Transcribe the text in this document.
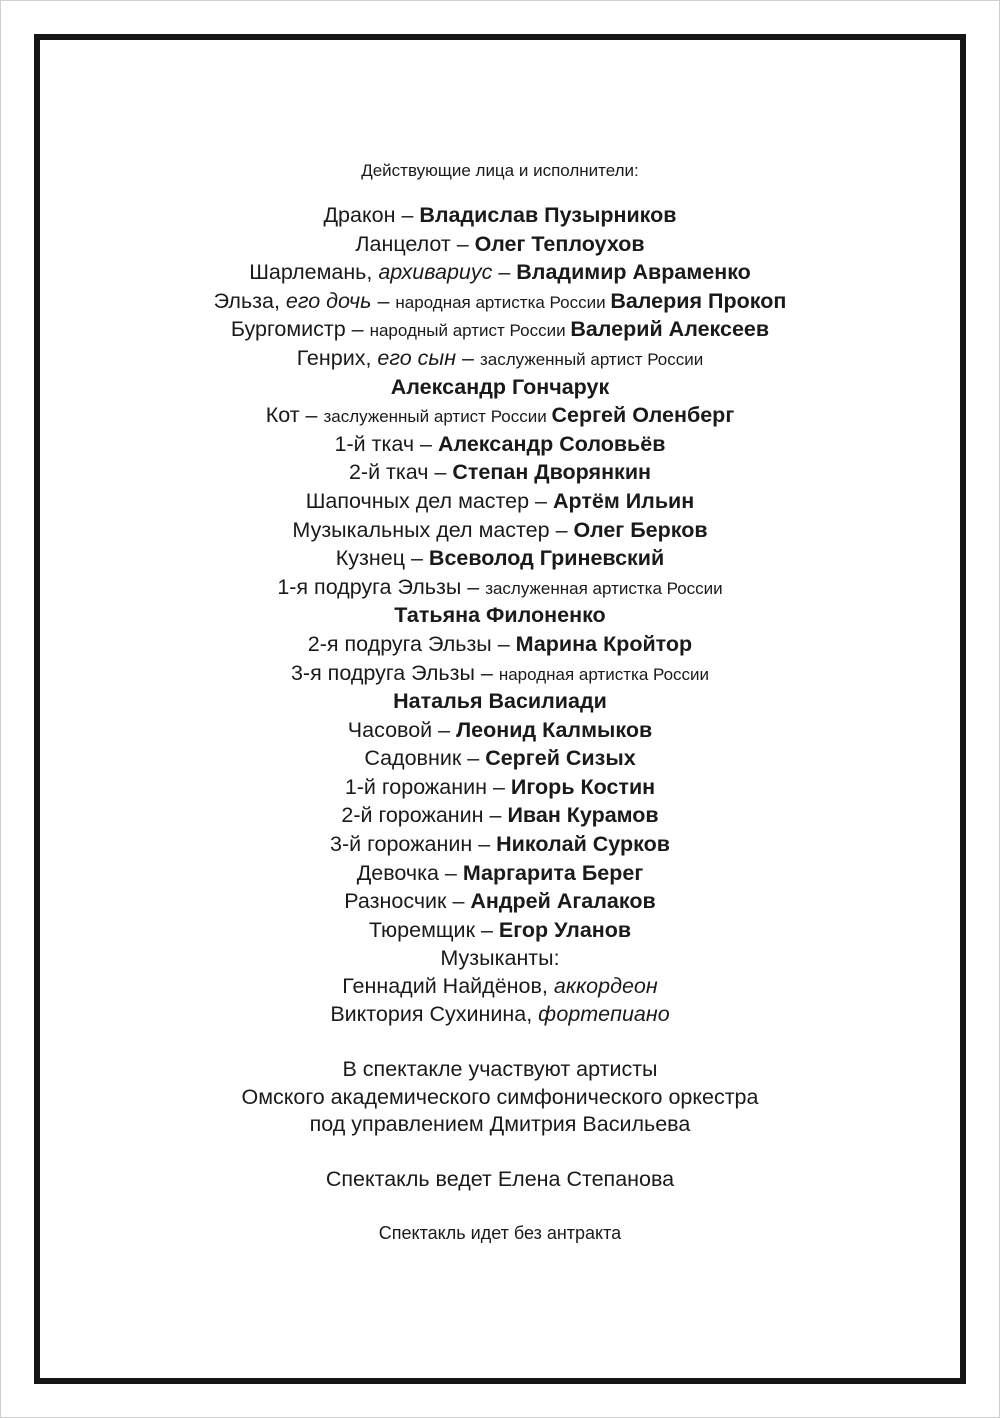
Действующие лица и исполнители:
Дракон – Владислав Пузырников
Ланцелот – Олег Теплоухов
Шарлемань, архивариус – Владимир Авраменко
Эльза, его дочь – народная артистка России Валерия Прокоп
Бургомистр – народный артист России Валерий Алексеев
Генрих, его сын – заслуженный артист России
Александр Гончарук
Кот – заслуженный артист России Сергей Оленберг
1-й ткач – Александр Соловьёв
2-й ткач – Степан Дворянкин
Шапочных дел мастер – Артём Ильин
Музыкальных дел мастер – Олег Берков
Кузнец – Всеволод Гриневский
1-я подруга Эльзы – заслуженная артистка России
Татьяна Филоненко
2-я подруга Эльзы – Марина Кройтор
3-я подруга Эльзы – народная артистка России
Наталья Василиади
Часовой – Леонид Калмыков
Садовник – Сергей Сизых
1-й горожанин – Игорь Костин
2-й горожанин – Иван Курамов
3-й горожанин – Николай Сурков
Девочка – Маргарита Берег
Разносчик – Андрей Агалаков
Тюремщик – Егор Уланов
Музыканты:
Геннадий Найдёнов, аккордеон
Виктория Сухинина, фортепиано
В спектакле участвуют артисты
Омского академического симфонического оркестра
под управлением Дмитрия Васильева
Спектакль ведет Елена Степанова
Спектакль идет без антракта
